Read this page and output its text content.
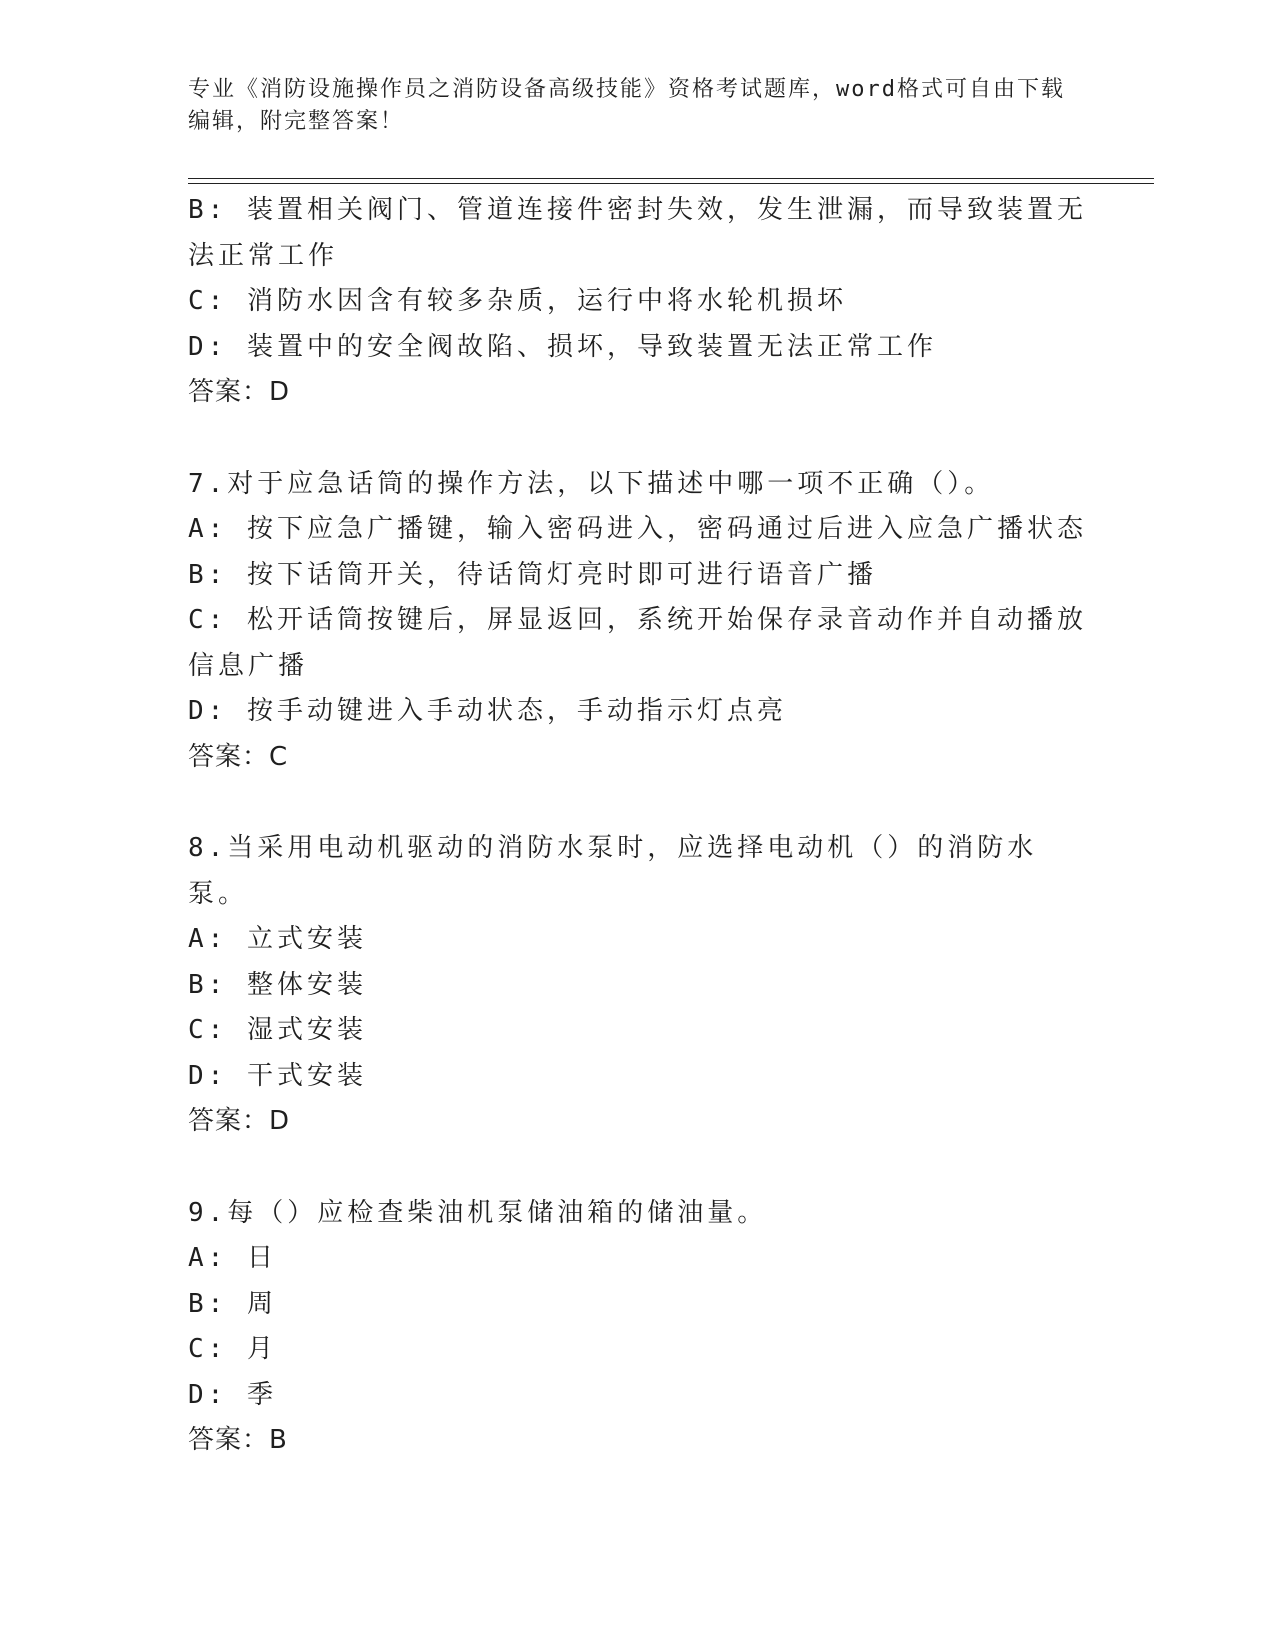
专业《消防设施操作员之消防设备高级技能》资格考试题库，word格式可自由下载编辑，附完整答案！
B: 装置相关阀门、管道连接件密封失效，发生泄漏，而导致装置无法正常工作
C: 消防水因含有较多杂质，运行中将水轮机损坏
D: 装置中的安全阀故陷、损坏，导致装置无法正常工作
答案：D
7.对于应急话筒的操作方法，以下描述中哪一项不正确（）。
A: 按下应急广播键，输入密码进入，密码通过后进入应急广播状态
B: 按下话筒开关，待话筒灯亮时即可进行语音广播
C: 松开话筒按键后，屏显返回，系统开始保存录音动作并自动播放信息广播
D: 按手动键进入手动状态，手动指示灯点亮
答案：C
8.当采用电动机驱动的消防水泵时，应选择电动机（）的消防水泵。
A: 立式安装
B: 整体安装
C: 湿式安装
D: 干式安装
答案：D
9.每（）应检查柴油机泵储油箱的储油量。
A: 日
B: 周
C: 月
D: 季
答案：B
